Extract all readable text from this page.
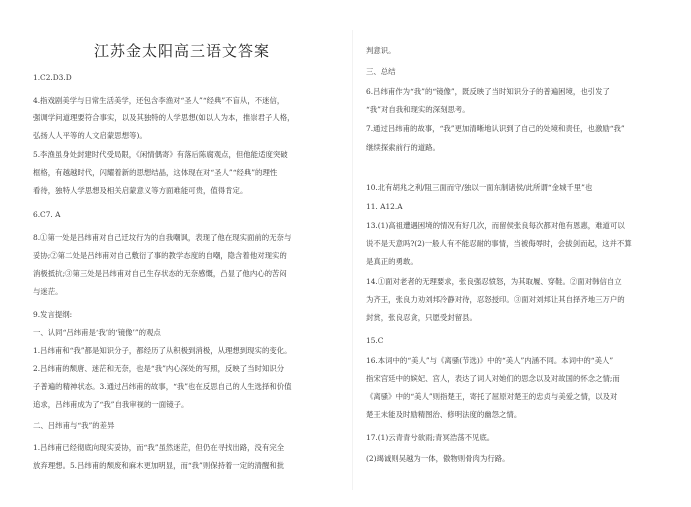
江苏金太阳高三语文答案
1.C2.D3.D
4.指戏剧美学与日常生活美学，还包含李渔对“圣人”“经典”不盲从，不迷信，
强调学问道理要符合事实，以及其独特的人学思想(如以人为本，推崇君子人格，
弘扬人人平等的人文启蒙思想等)。
5.李渔虽身处封建时代受局限，《闲情偶寄》有落后陈腐观点，但他能适度突破
框格，有越越时代，闪耀着新的思想结晶，这体现在对“圣人”“经典”的理性
看待，独特人学思想及相关启蒙意义等方面难能可贵，值得肯定。
6.C7. A
8.①第一处是吕纬甫对自己迁坟行为的自我嘲讽，表现了他在现实面前的无奈与
妥协;②第二处是吕纬甫对自己敷衍了事的教学态度的自嘲，隐含着他对现实的
消极抵抗;③第三处是吕纬甫对自己生存状态的无奈感慨，凸显了他内心的苦闷
与迷茫。
9.发言提纲:
一、认同“吕纬甫是‘我’的‘镜像’”的观点
1.吕纬甫和“我”都是知识分子，都经历了从积极到消极，从理想到现实的变化。
2.吕纬甫的颓唐、迷茫和无奈，也是“我”内心深处的写照，反映了当时知识分
子普遍的精神状态。3.通过吕纬甫的故事，“我”也在反思自己的人生选择和价值
追求，吕纬甫成为了“我”自我审视的一面镜子。
二、吕纬甫与“我”的差异
1.吕纬甫已经彻底向现实妥协，而“我”虽然迷茫，但仍在寻找出路，没有完全
放弃理想。5.吕纬甫的颓废和麻木更加明显，而“我”则保持着一定的清醒和批
判意识。
三、总结
6.吕纬甫作为“我”的“镜像”，既反映了当时知识分子的普遍困境，也引发了
“我”对自我和现实的深刻思考。
7.通过吕纬甫的故事，“我”更加清晰地认识到了自己的处境和责任，也激励“我”
继续探索前行的道路。
10.北有胡兆之利/阻三面而守/独以一面东制诸侯/此所谓“金城千里”也
11. A12.A
13.(1)高祖遭遇困境的情况有好几次，而留侯张良每次都对他有恩惠，难道可以
说不是天意吗?(2)一般人有不能忍耐的事情，当被侮辱时，会拔剑而起，这并不算
是真正的勇敢。
14.①面对老者的无理要求，张良强忍愤怒，为其取履、穿鞋。②面对韩信自立
为齐王，张良力劝刘邦冷静对待，忍怒授印。③面对刘邦让其自择齐地三万户的
封赏，张良忍贪，只愿受封留县。
15.C
16.本词中的“美人”与《离骚(节选)》中的“美人”内涵不同。本词中的“美人”
指宋宫廷中的嫔妃、宫人，表达了词人对她们的思念以及对故国的怀念之情;而
《离骚》中的“美人”则指楚王，寄托了屈原对楚王的忠贞与美爱之情，以及对
楚王未能及时励精图治、修明法度的幽怨之情。
17.(1)云青青兮欲雨;青冥浩荡不见底。
(2)竭诚则吴越为一体，傲物则骨肉为行路。
